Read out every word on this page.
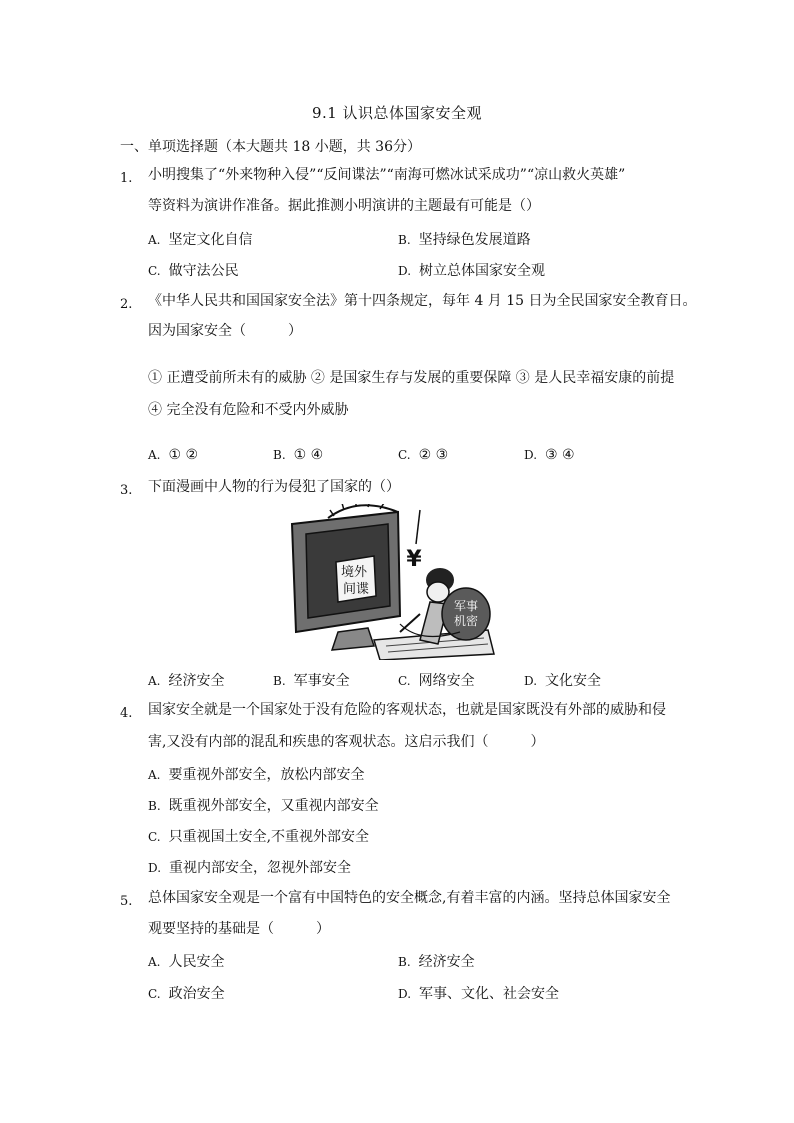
9.1 认识总体国家安全观
一、单项选择题（本大题共 18 小题，共 36分）
1. 小明搜集了“外来物种入侵”“反间谍法”“南海可燃冰试采成功”“凉山救火英雄”
等资料为演讲作准备。据此推测小明演讲的主题最有可能是（）
A. 坚定文化自信	B. 坚持绿色发展道路
C. 做守法公民	D. 树立总体国家安全观
2. 《中华人民共和国国家安全法》第十四条规定，每年 4 月 15 日为全民国家安全教育日。
因为国家安全（　　　）
① 正遭受前所未有的威胁 ② 是国家生存与发展的重要保障 ③ 是人民幸福安康的前提
④ 完全没有危险和不受内外威胁
A. ① ②	B. ① ④	C. ② ③	D. ③ ④
3. 下面漫画中人物的行为侵犯了国家的（）
境外
间谍
¥
军事
机密
A. 经济安全	B. 军事安全	C. 网络安全	D. 文化安全
4. 国家安全就是一个国家处于没有危险的客观状态，也就是国家既没有外部的威胁和侵
害,又没有内部的混乱和疾患的客观状态。这启示我们（　　　）
A. 要重视外部安全，放松内部安全
B. 既重视外部安全，又重视内部安全
C. 只重视国土安全,不重视外部安全
D. 重视内部安全，忽视外部安全
5. 总体国家安全观是一个富有中国特色的安全概念,有着丰富的内涵。坚持总体国家安全
观要坚持的基础是（　　　）
A. 人民安全	B. 经济安全
C. 政治安全	D. 军事、文化、社会安全
